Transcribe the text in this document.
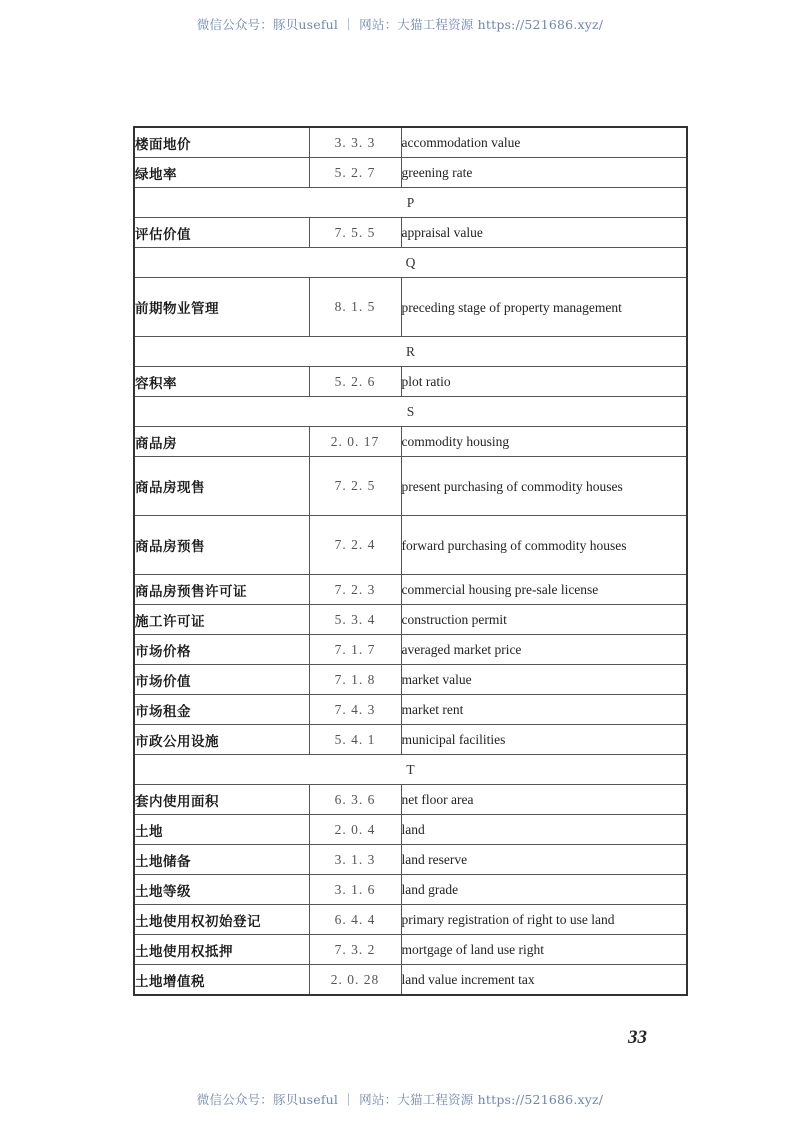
微信公众号：豚贝useful ｜ 网站：大猫工程资源 https://521686.xyz/
楼面地价	3. 3. 3	accommodation value
绿地率	5. 2. 7	greening rate
P		
评估价值	7. 5. 5	appraisal value
Q		
前期物业管理	8. 1. 5	preceding stage of property management
R		
容积率	5. 2. 6	plot ratio
S		
商品房	2. 0. 17	commodity housing
商品房现售	7. 2. 5	present purchasing of commodity houses
商品房预售	7. 2. 4	forward purchasing of commodity houses
商品房预售许可证	7. 2. 3	commercial housing pre-sale license
施工许可证	5. 3. 4	construction permit
市场价格	7. 1. 7	averaged market price
市场价值	7. 1. 8	market value
市场租金	7. 4. 3	market rent
市政公用设施	5. 4. 1	municipal facilities
T		
套内使用面积	6. 3. 6	net floor area
土地	2. 0. 4	land
土地储备	3. 1. 3	land reserve
土地等级	3. 1. 6	land grade
土地使用权初始登记	6. 4. 4	primary registration of right to use land
土地使用权抵押	7. 3. 2	mortgage of land use right
土地增值税	2. 0. 28	land value increment tax
33
微信公众号：豚贝useful ｜ 网站：大猫工程资源 https://521686.xyz/
